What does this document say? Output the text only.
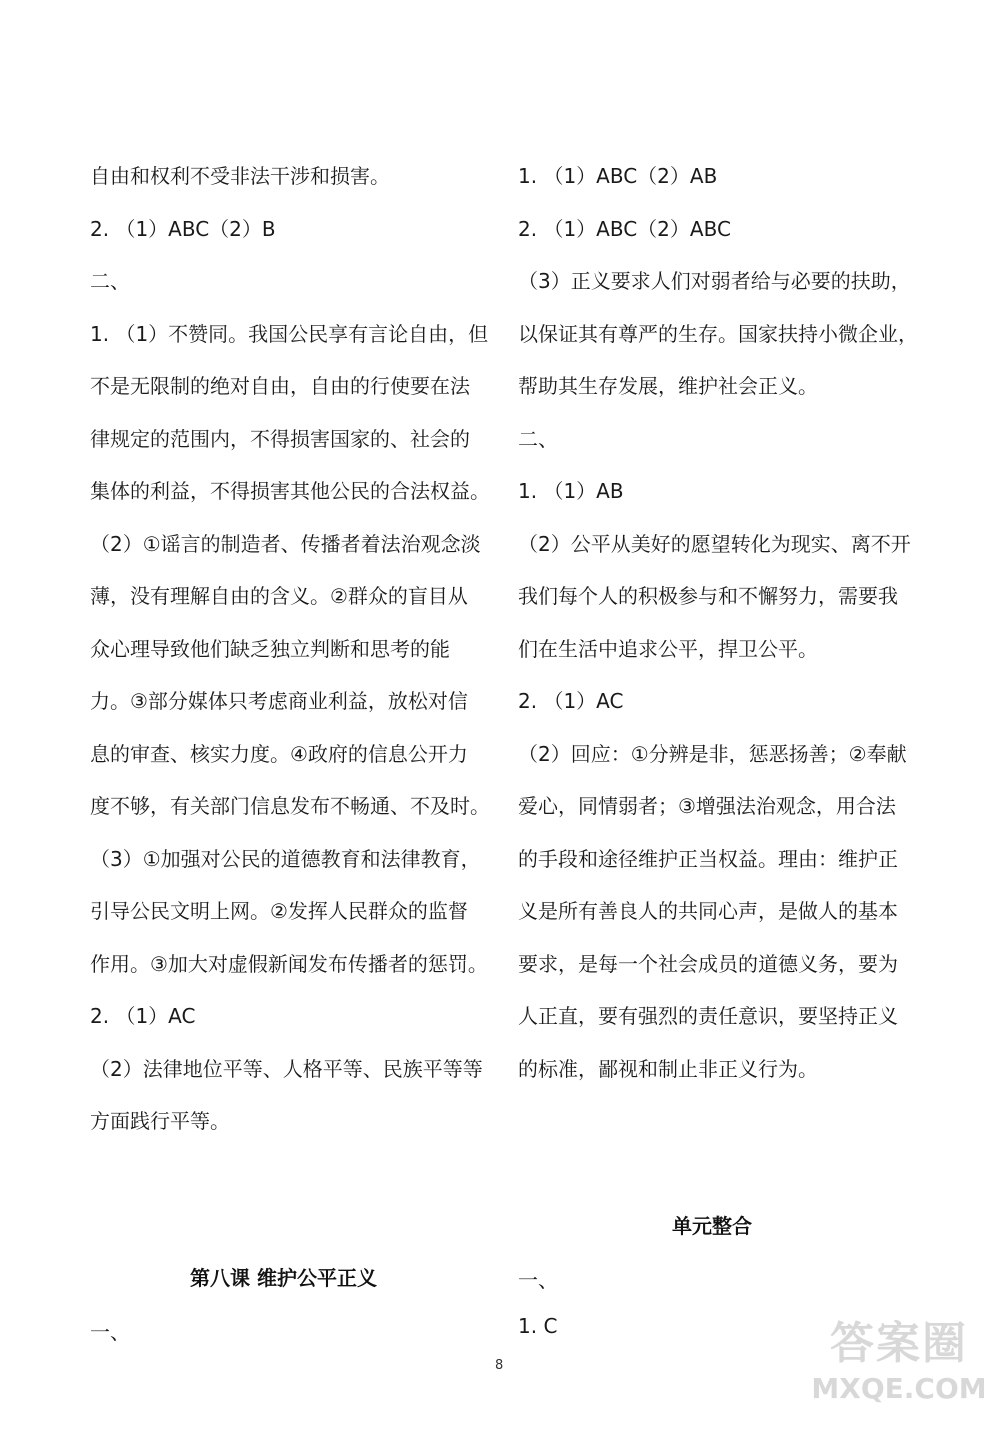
自由和权利不受非法干涉和损害。
2. （1）ABC（2）B
二、
1. （1）不赞同。我国公民享有言论自由，但
不是无限制的绝对自由，自由的行使要在法
律规定的范围内，不得损害国家的、社会的
集体的利益，不得损害其他公民的合法权益。
（2）①谣言的制造者、传播者着法治观念淡
薄，没有理解自由的含义。②群众的盲目从
众心理导致他们缺乏独立判断和思考的能
力。③部分媒体只考虑商业利益，放松对信
息的审查、核实力度。④政府的信息公开力
度不够，有关部门信息发布不畅通、不及时。
（3）①加强对公民的道德教育和法律教育，
引导公民文明上网。②发挥人民群众的监督
作用。③加大对虚假新闻发布传播者的惩罚。
2. （1）AC
（2）法律地位平等、人格平等、民族平等等
方面践行平等。
1. （1）ABC（2）AB
2. （1）ABC（2）ABC
（3）正义要求人们对弱者给与必要的扶助，
以保证其有尊严的生存。国家扶持小微企业，
帮助其生存发展，维护社会正义。
二、
1. （1）AB
（2）公平从美好的愿望转化为现实、离不开
我们每个人的积极参与和不懈努力，需要我
们在生活中追求公平，捍卫公平。
2. （1）AC
（2）回应：①分辨是非，惩恶扬善；②奉献
爱心，同情弱者；③增强法治观念，用合法
的手段和途径维护正当权益。理由：维护正
义是所有善良人的共同心声，是做人的基本
要求，是每一个社会成员的道德义务，要为
人正直，要有强烈的责任意识，要坚持正义
的标准，鄙视和制止非正义行为。
单元整合
一、
1. C
第八课 维护公平正义
一、
8	答案圈
MXQE.COM
